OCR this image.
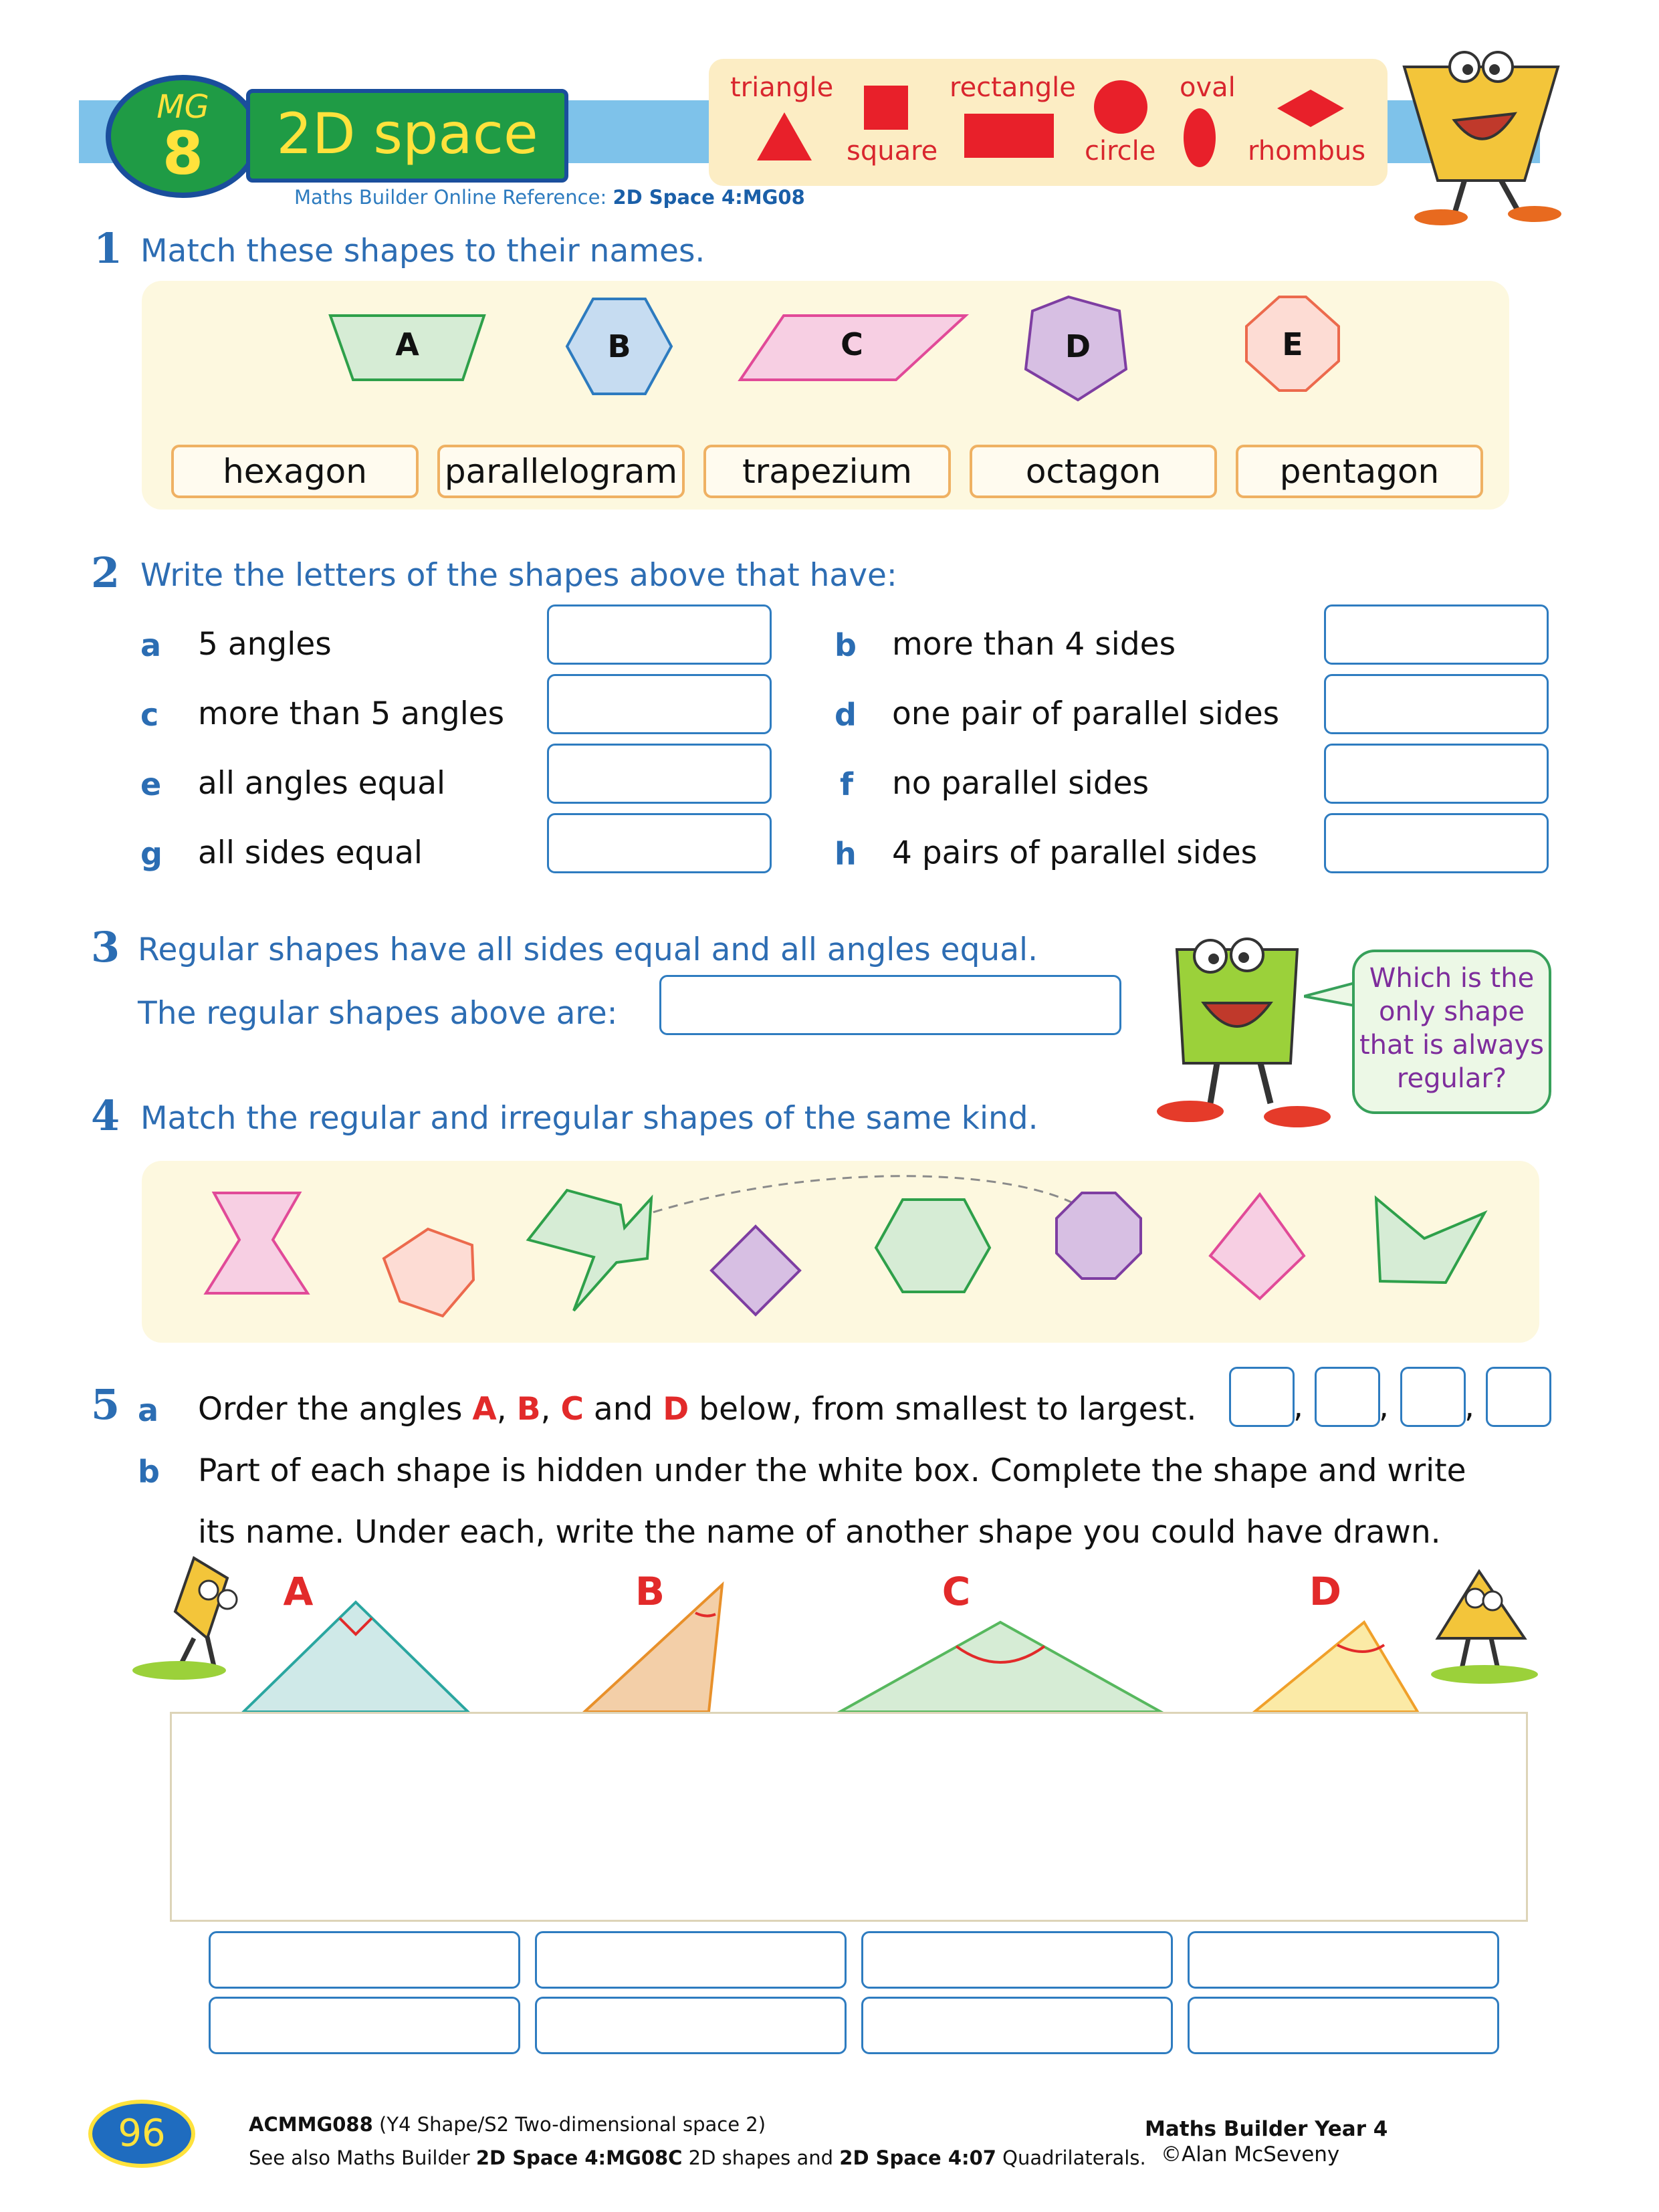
MG
8	2D space
Maths Builder Online Reference: 2D Space 4:MG08
triangle
square
rectangle
circle
oval
rhombus
1 Match these shapes to their names.
A	B	C	D	E
hexagon	parallelogram	trapezium	octagon	pentagon
2 Write the letters of the shapes above that have:
a 5 angles
c more than 5 angles
e all angles equal
g all sides equal
b more than 4 sides
d one pair of parallel sides
f no parallel sides
h 4 pairs of parallel sides
3 Regular shapes have all sides equal and all angles equal.
The regular shapes above are:
Which is the
only shape
that is always
regular?
4 Match the regular and irregular shapes of the same kind.
5 a Order the angles A, B, C and D below, from smallest to largest.	, , ,
b Part of each shape is hidden under the white box. Complete the shape and write
its name. Under each, write the name of another shape you could have drawn.
A	B	C	D
96	ACMMG088 (Y4 Shape/S2 Two-dimensional space 2)
See also Maths Builder 2D Space 4:MG08C 2D shapes and 2D Space 4:07 Quadrilaterals.
Maths Builder Year 4
©Alan McSeveny
